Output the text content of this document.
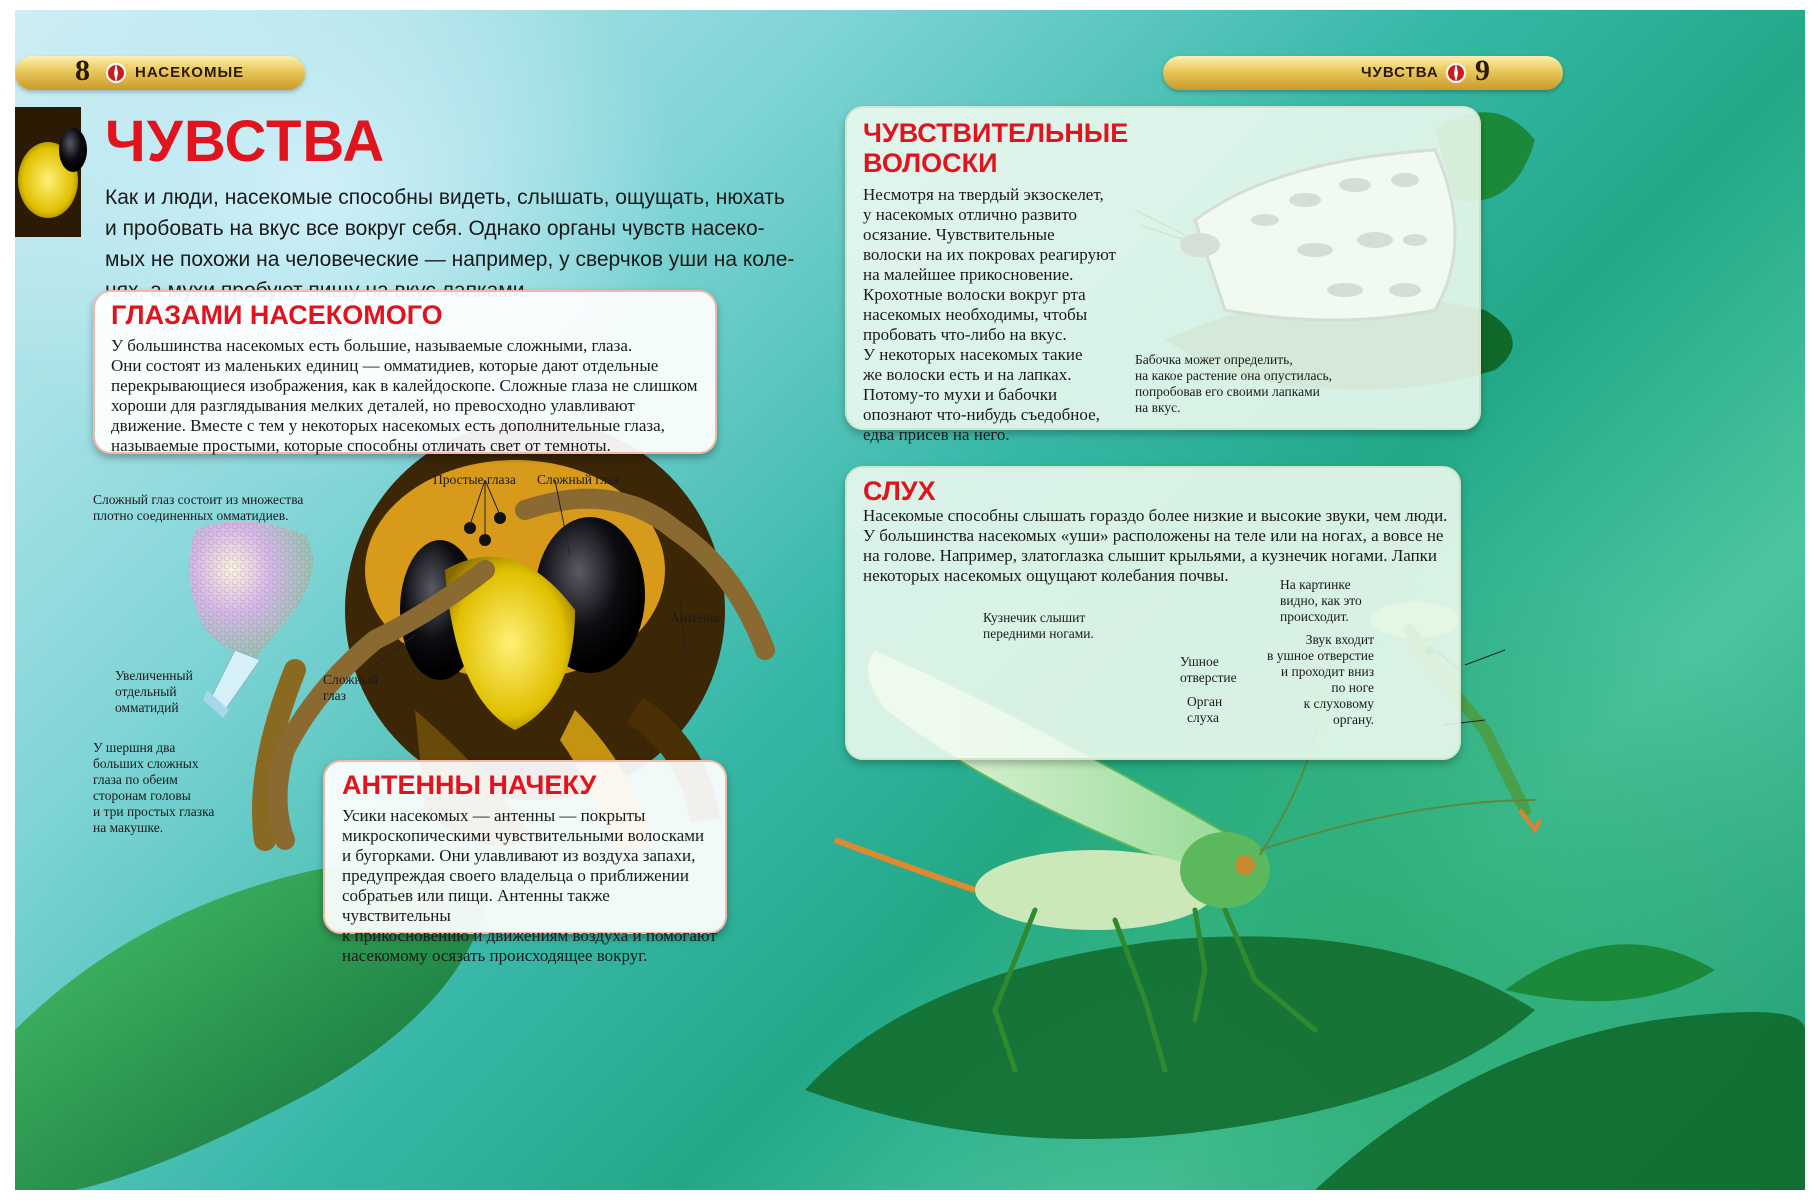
8	НАСЕКОМЫЕ	ЧУВСТВА 9
ЧУВСТВА
Как и люди, насекомые способны видеть, слышать, ощущать, нюхать
и пробовать на вкус все вокруг себя. Однако органы чувств насеко-
мых не похожи на человеческие — например, у сверчков уши на коле-
ГЛАЗАМИ НАСЕКОМОГО
У большинства насекомых есть большие, называемые сложными, глаза.
Они состоят из маленьких единиц — омматидиев, которые дают отдельные
перекрывающиеся изображения, как в калейдоскопе. Сложные глаза не слишком
хороши для разглядывания мелких деталей, но превосходно улавливают
движение. Вместе с тем у некоторых насекомых есть дополнительные глаза,
называемые простыми, которые способны отличать свет от темноты.
Сложный глаз состоит из множества
плотно соединенных омматидиев.
Простые глаза Сложный глаз
Антенна
Сложный
глаз
Увеличенный
отдельный
омматидий
У шершня два
больших сложных
глаза по обеим
сторонам головы
и три простых глазка
на макушке.
АНТЕННЫ НАЧЕКУ
Усики насекомых — антенны — покрыты
микроскопическими чувствительными волосками
и бугорками. Они улавливают из воздуха запахи,
предупреждая своего владельца о приближении
собратьев или пищи. Антенны также чувствительны
к прикосновению и движениям воздуха и помогают
насекомому осязать происходящее вокруг.
ЧУВСТВИТЕЛЬНЫЕ
ВОЛОСКИ
Несмотря на твердый экзоскелет,
у насекомых отлично развито
осязание. Чувствительные
волоски на их покровах реагируют
на малейшее прикосновение.
Крохотные волоски вокруг рта
насекомых необходимы, чтобы
пробовать что-либо на вкус.
У некоторых насекомых такие
же волоски есть и на лапках.
Потому-то мухи и бабочки
опознают что-нибудь съедобное,
едва присев на него.
Бабочка может определить,
на какое растение она опустилась,
попробовав его своими лапками
на вкус.
СЛУХ
Насекомые способны слышать гораздо более низкие и высокие звуки, чем люди.
У большинства насекомых «уши» расположены на теле или на ногах, а вовсе не
на голове. Например, златоглазка слышит крыльями, а кузнечик ногами. Лапки
некоторых насекомых ощущают колебания почвы.
Кузнечик слышит
передними ногами.
На картинке
видно, как это
происходит.
Звук входит
в ушное отверстие
и проходит вниз
по ноге
к слуховому
органу.
Ушное
отверстие
Орган
слуха
